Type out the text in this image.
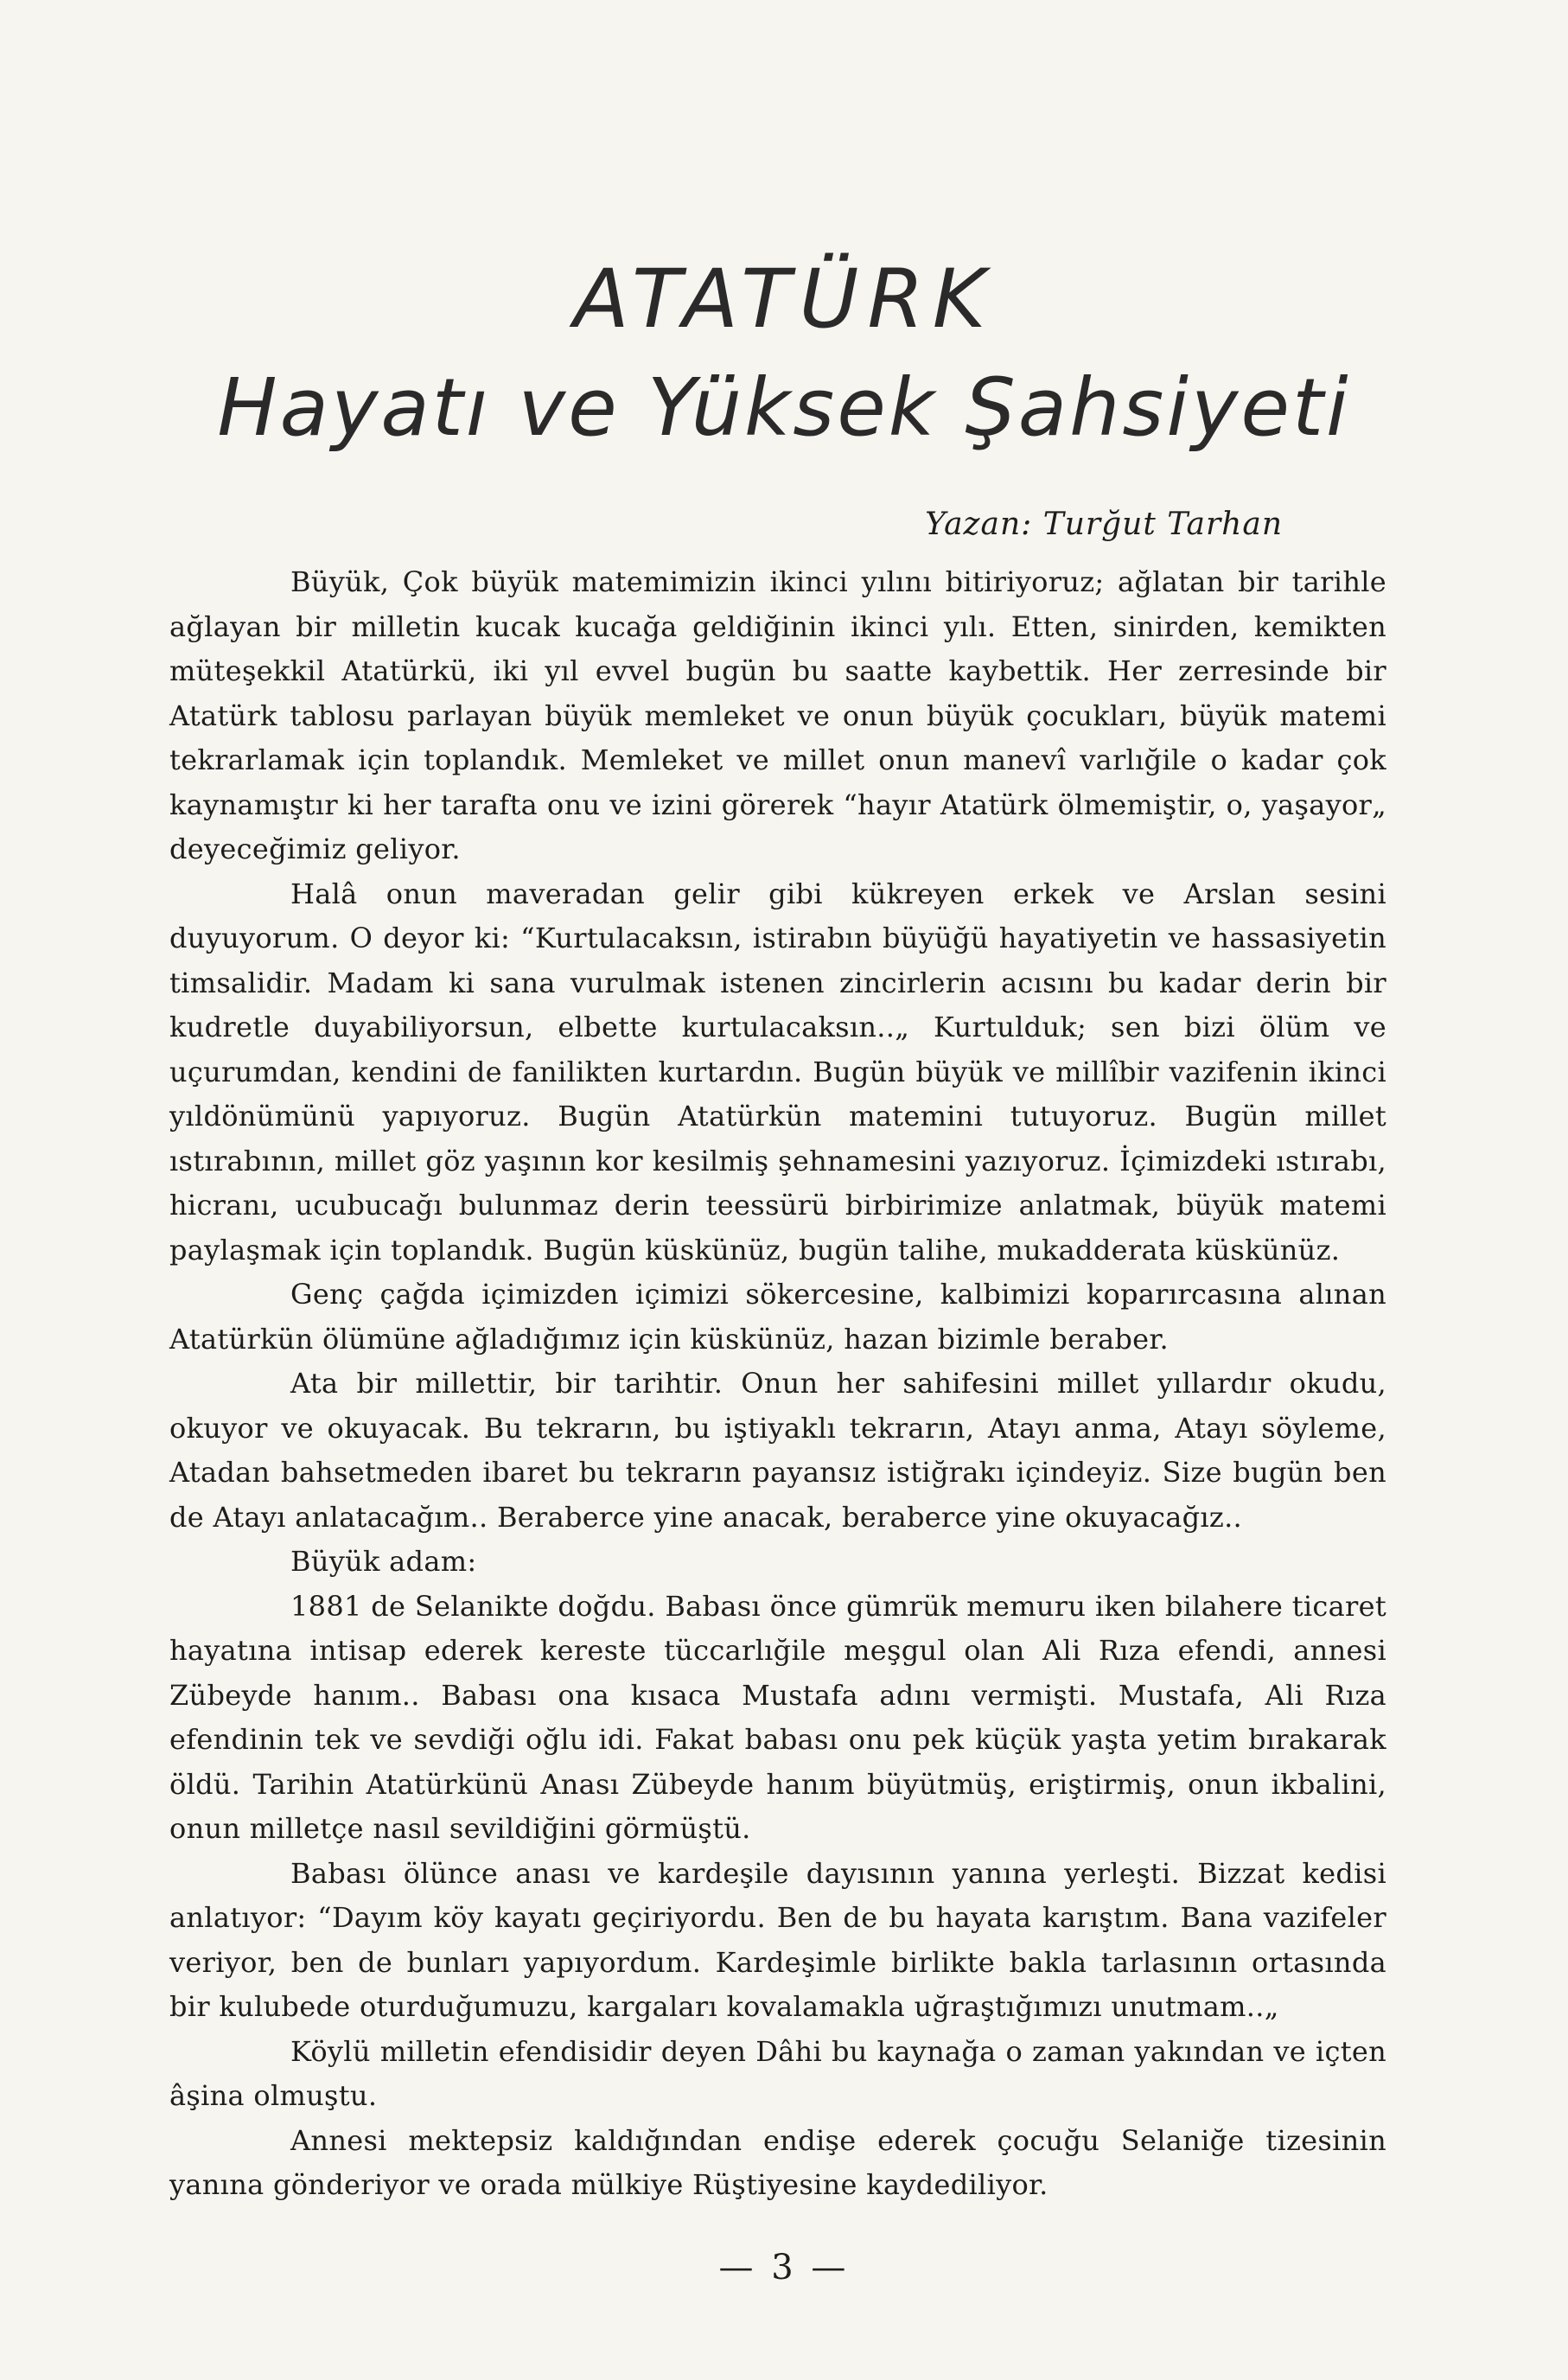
ATATÜRK
Hayatı ve Yüksek Şahsiyeti

Yazan: Turğut Tarhan

Büyük, Çok büyük matemimizin ikinci yılını bitiriyoruz; ağlatan bir tarihle ağlayan bir milletin kucak kucağa geldiğinin ikinci yılı. Etten, sinirden, kemikten müteşekkil Atatürkü, iki yıl evvel bugün bu saatte kaybettik. Her zerresinde bir Atatürk tablosu parlayan büyük memleket ve onun büyük çocukları, büyük matemi tekrarlamak için toplandık. Memleket ve millet onun manevî varlığile o kadar çok kaynamıştır ki her tarafta onu ve izini görerek “hayır Atatürk ölmemiştir, o, yaşayor„ deyeceğimiz geliyor.

Halâ onun maveradan gelir gibi kükreyen erkek ve Arslan sesini duyuyorum. O deyor ki: “Kurtulacaksın, istirabın büyüğü hayatiyetin ve hassasiyetin timsalidir. Madam ki sana vurulmak istenen zincirlerin acısını bu kadar derin bir kudretle duyabiliyorsun, elbette kurtulacaksın..„ Kurtulduk; sen bizi ölüm ve uçurumdan, kendini de fanilikten kurtardın. Bugün büyük ve millîbir vazifenin ikinci yıldönümünü yapıyoruz. Bugün Atatürkün matemini tutuyoruz. Bugün millet ıstırabının, millet göz yaşının kor kesilmiş şehnamesini yazıyoruz. İçimizdeki ıstırabı, hicranı, ucubucağı bulunmaz derin teessürü birbirimize anlatmak, büyük matemi paylaşmak için toplandık. Bugün küskünüz, bugün talihe, mukadderata küskünüz.

Genç çağda içimizden içimizi sökercesine, kalbimizi koparırcasına alınan Atatürkün ölümüne ağladığımız için küskünüz, hazan bizimle beraber.

Ata bir millettir, bir tarihtir. Onun her sahifesini millet yıllardır okudu, okuyor ve okuyacak. Bu tekrarın, bu iştiyaklı tekrarın, Atayı anma, Atayı söyleme, Atadan bahsetmeden ibaret bu tekrarın payansız istiğrakı içindeyiz. Size bugün ben de Atayı anlatacağım.. Beraberce yine anacak, beraberce yine okuyacağız..

Büyük adam:

1881 de Selanikte doğdu. Babası önce gümrük memuru iken bilahere ticaret hayatına intisap ederek kereste tüccarlığile meşgul olan Ali Rıza efendi, annesi Zübeyde hanım.. Babası ona kısaca Mustafa adını vermişti. Mustafa, Ali Rıza efendinin tek ve sevdiği oğlu idi. Fakat babası onu pek küçük yaşta yetim bırakarak öldü. Tarihin Atatürkünü Anası Zübeyde hanım büyütmüş, eriştirmiş, onun ikbalini, onun milletçe nasıl sevildiğini görmüştü.

Babası ölünce anası ve kardeşile dayısının yanına yerleşti. Bizzat kedisi anlatıyor: “Dayım köy kayatı geçiriyordu. Ben de bu hayata karıştım. Bana vazifeler veriyor, ben de bunları yapıyordum. Kardeşimle birlikte bakla tarlasının ortasında bir kulubede oturduğumuzu, kargaları kovalamakla uğraştığımızı unutmam..„

Köylü milletin efendisidir deyen Dâhi bu kaynağa o zaman yakından ve içten âşina olmuştu.

Annesi mektepsiz kaldığından endişe ederek çocuğu Selaniğe tizesinin yanına gönderiyor ve orada mülkiye Rüştiyesine kaydediliyor.

— 3 —
